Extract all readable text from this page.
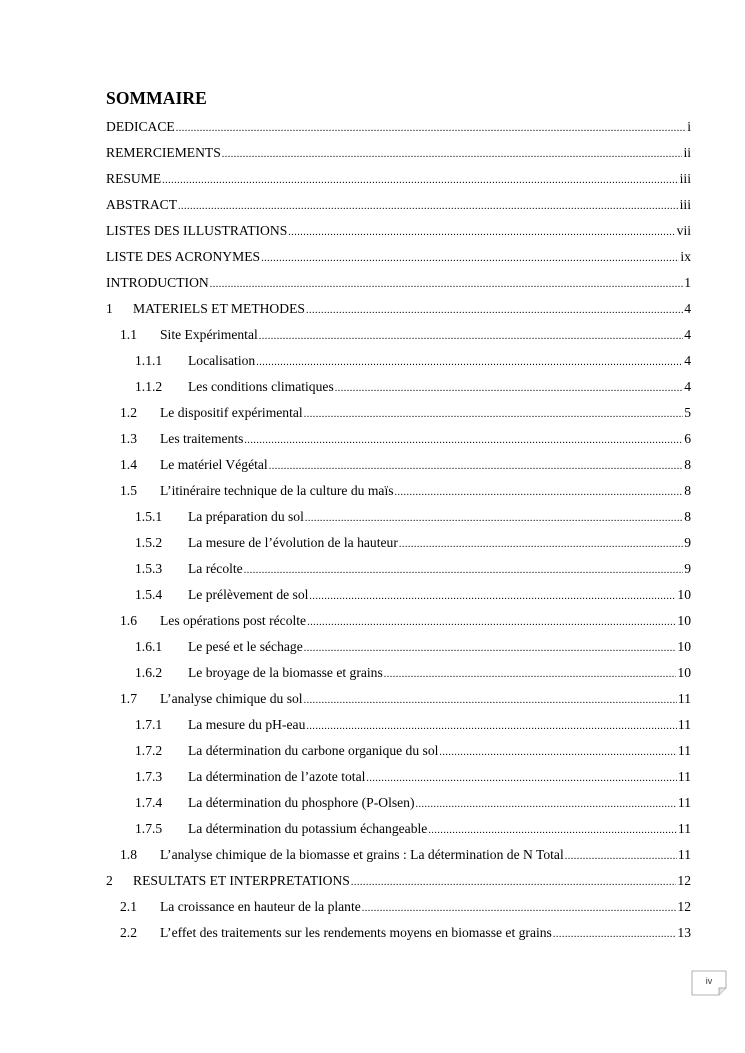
SOMMAIRE
DEDICACE .....	i
REMERCIEMENTS .....	ii
RESUME .....	iii
ABSTRACT .....	iii
LISTES DES ILLUSTRATIONS .....	vii
LISTE DES ACRONYMES .....	ix
INTRODUCTION .....	1
1	MATERIELS ET METHODES .....	4
1.1	Site Expérimental .....	4
1.1.1	Localisation .....	4
1.1.2	Les conditions climatiques .....	4
1.2	Le dispositif expérimental .....	5
1.3	Les traitements .....	6
1.4	Le matériel Végétal .....	8
1.5	L’itinéraire technique de la culture du maïs .....	8
1.5.1	La préparation du sol .....	8
1.5.2	La mesure de l’évolution de la hauteur .....	9
1.5.3	La récolte .....	9
1.5.4	Le prélèvement de sol .....	10
1.6	Les opérations post récolte .....	10
1.6.1	Le pesé et le séchage .....	10
1.6.2	Le broyage de la biomasse et grains .....	10
1.7	L’analyse chimique du sol .....	11
1.7.1	La mesure du pH-eau .....	11
1.7.2	La détermination du carbone organique du sol .....	11
1.7.3	La détermination de l’azote total .....	11
1.7.4	La détermination du phosphore (P-Olsen) .....	11
1.7.5	La détermination du potassium échangeable .....	11
1.8	L’analyse chimique de la biomasse et grains : La détermination de N Total .....	11
2	RESULTATS ET INTERPRETATIONS .....	12
2.1	La croissance en hauteur de la plante .....	12
2.2	L’effet des traitements sur les rendements moyens en biomasse et grains .....	13
iv
